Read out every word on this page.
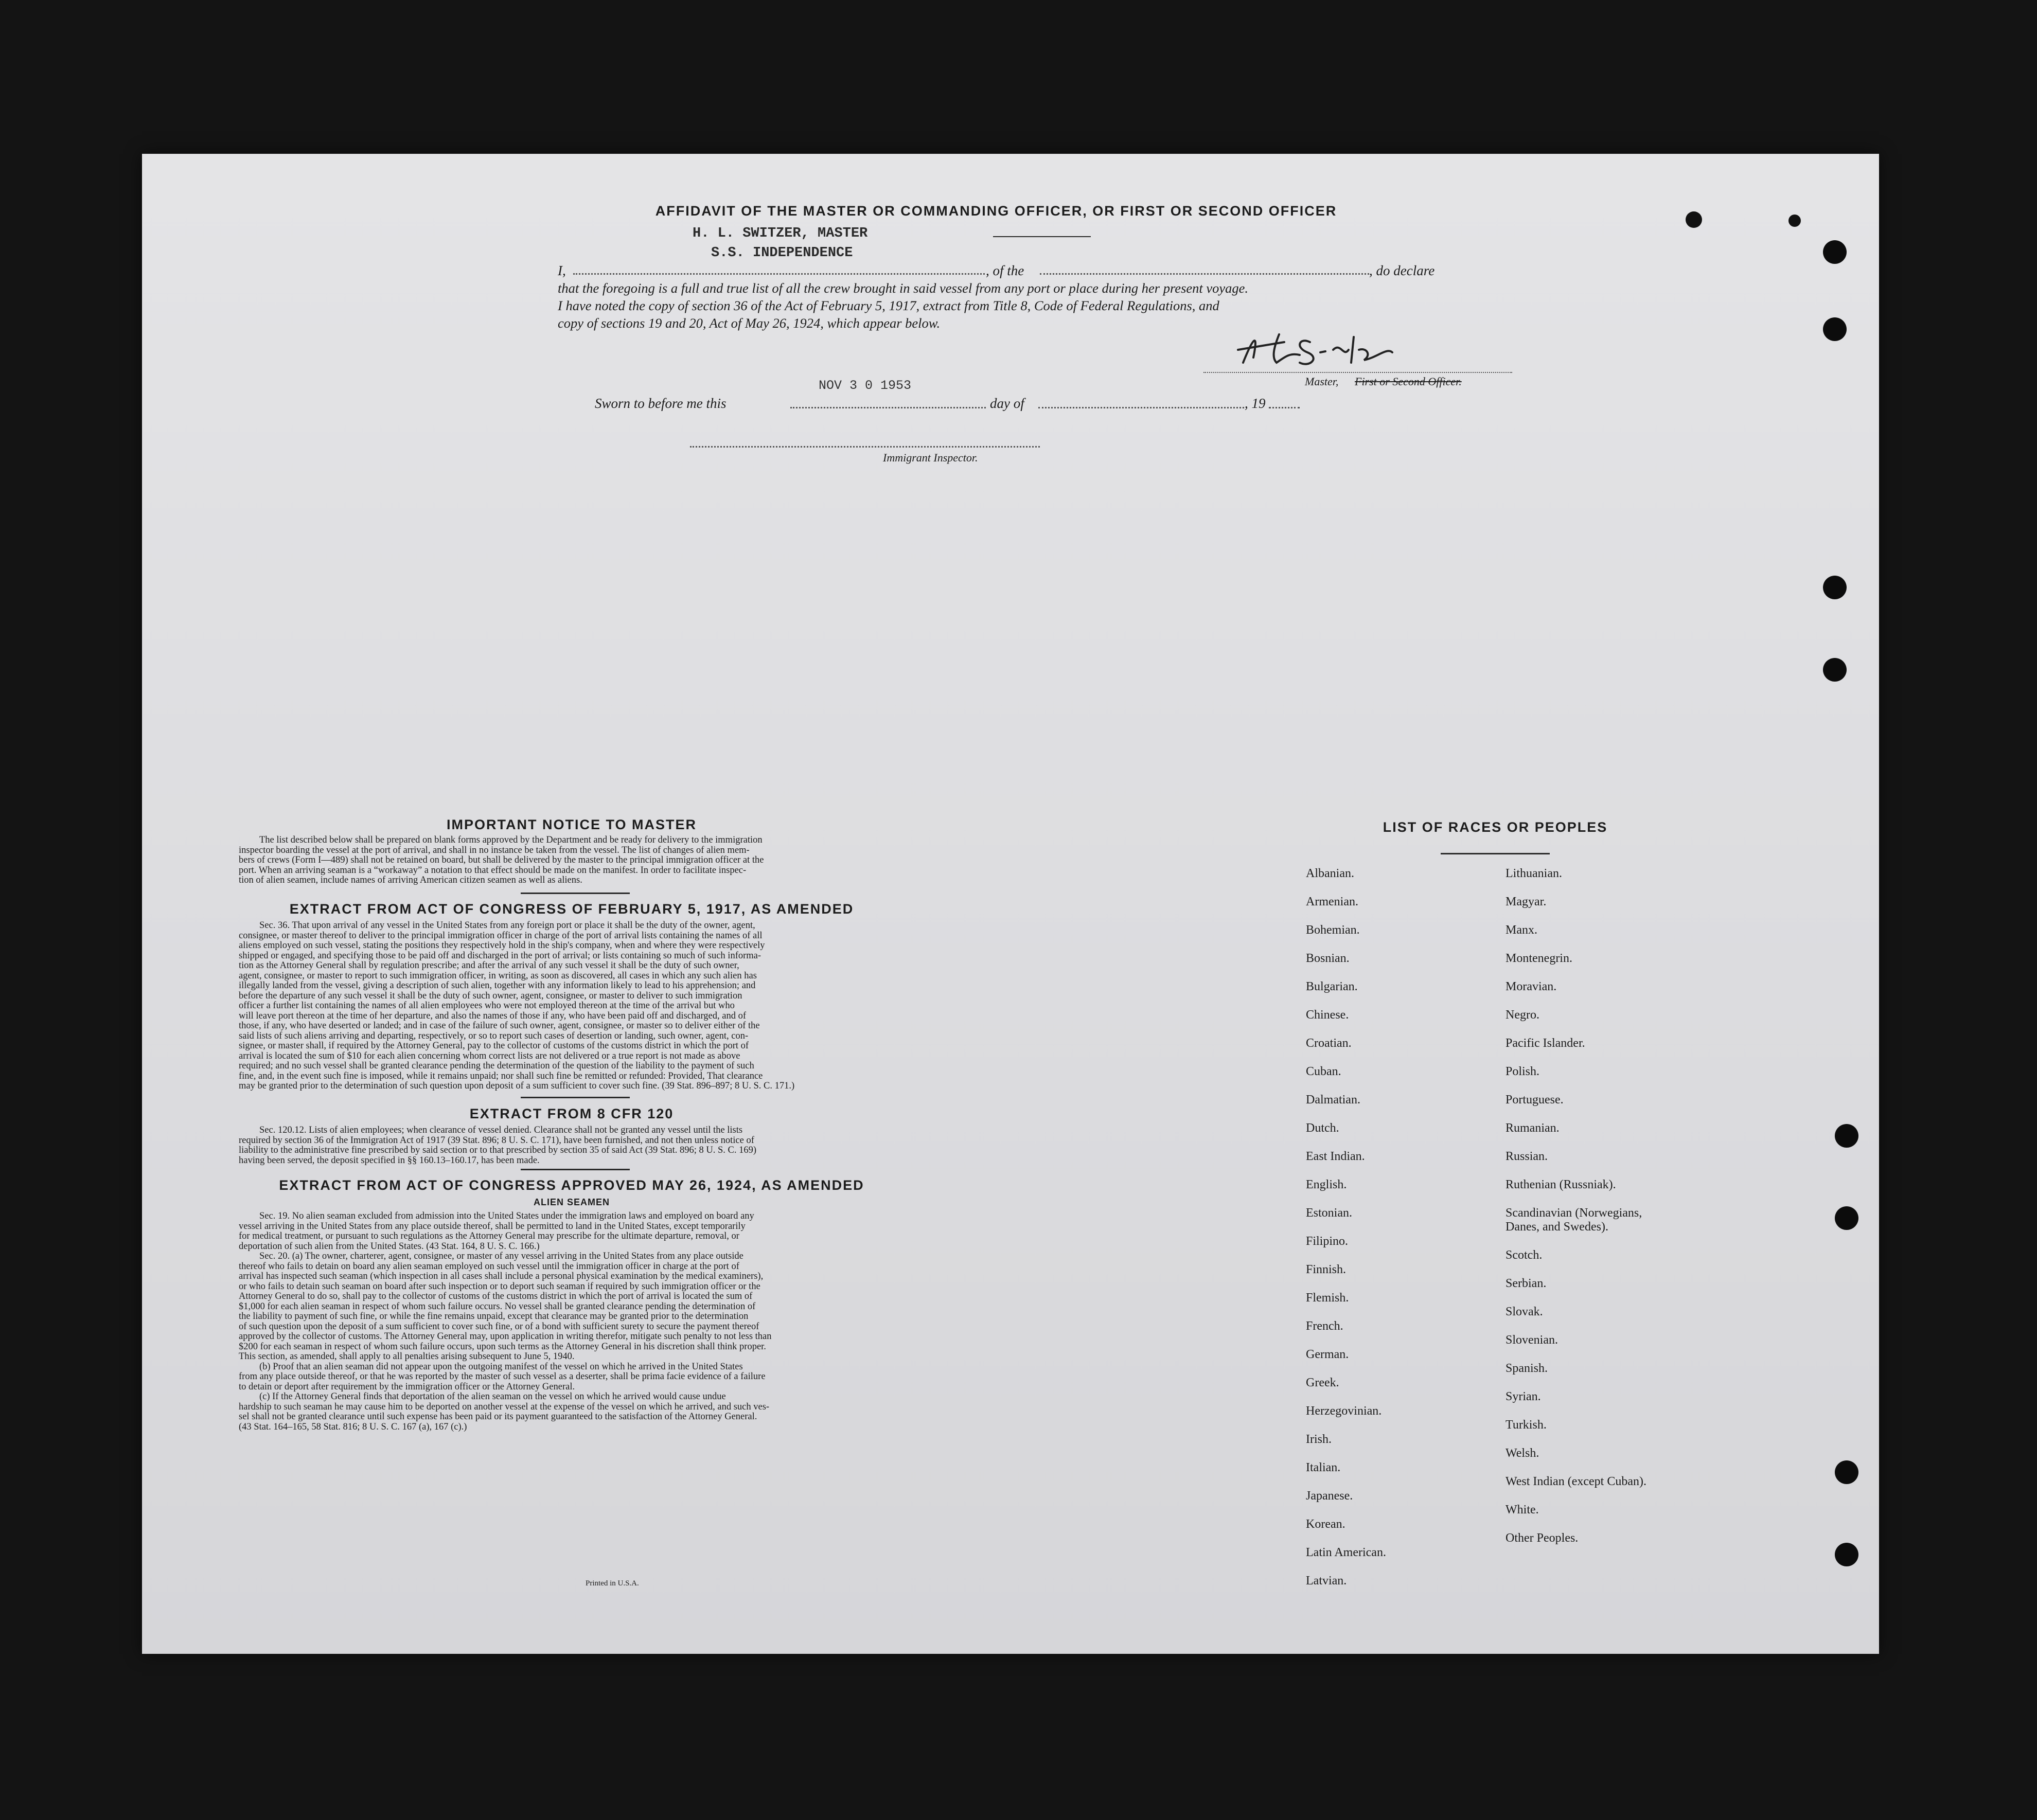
AFFIDAVIT OF THE MASTER OR COMMANDING OFFICER, OR FIRST OR SECOND OFFICER
H. L. SWITZER, MASTER
S.S. INDEPENDENCE
I,	, of the	, do declare
that the foregoing is a full and true list of all the crew brought in said vessel from any port or place during her present voyage.
I have noted the copy of section 36 of the Act of February 5, 1917, extract from Title 8, Code of Federal Regulations, and
copy of sections 19 and 20, Act of May 26, 1924, which appear below.
Master, First or Second Officer.
NOV 3 0 1953
Sworn to before me this	day of	, 19
Immigrant Inspector.
IMPORTANT NOTICE TO MASTER
The list described below shall be prepared on blank forms approved by the Department and be ready for delivery to the immigration
inspector boarding the vessel at the port of arrival, and shall in no instance be taken from the vessel. The list of changes of alien mem-
bers of crews (Form I—489) shall not be retained on board, but shall be delivered by the master to the principal immigration officer at the
port. When an arriving seaman is a “workaway” a notation to that effect should be made on the manifest. In order to facilitate inspec-
tion of alien seamen, include names of arriving American citizen seamen as well as aliens.
EXTRACT FROM ACT OF CONGRESS OF FEBRUARY 5, 1917, AS AMENDED
Sec. 36. That upon arrival of any vessel in the United States from any foreign port or place it shall be the duty of the owner, agent,
consignee, or master thereof to deliver to the principal immigration officer in charge of the port of arrival lists containing the names of all
aliens employed on such vessel, stating the positions they respectively hold in the ship's company, when and where they were respectively
shipped or engaged, and specifying those to be paid off and discharged in the port of arrival; or lists containing so much of such informa-
tion as the Attorney General shall by regulation prescribe; and after the arrival of any such vessel it shall be the duty of such owner,
agent, consignee, or master to report to such immigration officer, in writing, as soon as discovered, all cases in which any such alien has
illegally landed from the vessel, giving a description of such alien, together with any information likely to lead to his apprehension; and
before the departure of any such vessel it shall be the duty of such owner, agent, consignee, or master to deliver to such immigration
officer a further list containing the names of all alien employees who were not employed thereon at the time of the arrival but who
will leave port thereon at the time of her departure, and also the names of those if any, who have been paid off and discharged, and of
those, if any, who have deserted or landed; and in case of the failure of such owner, agent, consignee, or master so to deliver either of the
said lists of such aliens arriving and departing, respectively, or so to report such cases of desertion or landing, such owner, agent, con-
signee, or master shall, if required by the Attorney General, pay to the collector of customs of the customs district in which the port of
arrival is located the sum of $10 for each alien concerning whom correct lists are not delivered or a true report is not made as above
required; and no such vessel shall be granted clearance pending the determination of the question of the liability to the payment of such
fine, and, in the event such fine is imposed, while it remains unpaid; nor shall such fine be remitted or refunded: Provided, That clearance
may be granted prior to the determination of such question upon deposit of a sum sufficient to cover such fine. (39 Stat. 896–897; 8 U. S. C. 171.)
EXTRACT FROM 8 CFR 120
Sec. 120.12. Lists of alien employees; when clearance of vessel denied. Clearance shall not be granted any vessel until the lists
required by section 36 of the Immigration Act of 1917 (39 Stat. 896; 8 U. S. C. 171), have been furnished, and not then unless notice of
liability to the administrative fine prescribed by said section or to that prescribed by section 35 of said Act (39 Stat. 896; 8 U. S. C. 169)
having been served, the deposit specified in §§ 160.13–160.17, has been made.
EXTRACT FROM ACT OF CONGRESS APPROVED MAY 26, 1924, AS AMENDED
ALIEN SEAMEN
Sec. 19. No alien seaman excluded from admission into the United States under the immigration laws and employed on board any
vessel arriving in the United States from any place outside thereof, shall be permitted to land in the United States, except temporarily
for medical treatment, or pursuant to such regulations as the Attorney General may prescribe for the ultimate departure, removal, or
deportation of such alien from the United States. (43 Stat. 164, 8 U. S. C. 166.)
Sec. 20. (a) The owner, charterer, agent, consignee, or master of any vessel arriving in the United States from any place outside
thereof who fails to detain on board any alien seaman employed on such vessel until the immigration officer in charge at the port of
arrival has inspected such seaman (which inspection in all cases shall include a personal physical examination by the medical examiners),
or who fails to detain such seaman on board after such inspection or to deport such seaman if required by such immigration officer or the
Attorney General to do so, shall pay to the collector of customs of the customs district in which the port of arrival is located the sum of
$1,000 for each alien seaman in respect of whom such failure occurs. No vessel shall be granted clearance pending the determination of
the liability to payment of such fine, or while the fine remains unpaid, except that clearance may be granted prior to the determination
of such question upon the deposit of a sum sufficient to cover such fine, or of a bond with sufficient surety to secure the payment thereof
approved by the collector of customs. The Attorney General may, upon application in writing therefor, mitigate such penalty to not less than
$200 for each seaman in respect of whom such failure occurs, upon such terms as the Attorney General in his discretion shall think proper.
This section, as amended, shall apply to all penalties arising subsequent to June 5, 1940.
(b) Proof that an alien seaman did not appear upon the outgoing manifest of the vessel on which he arrived in the United States
from any place outside thereof, or that he was reported by the master of such vessel as a deserter, shall be prima facie evidence of a failure
to detain or deport after requirement by the immigration officer or the Attorney General.
(c) If the Attorney General finds that deportation of the alien seaman on the vessel on which he arrived would cause undue
hardship to such seaman he may cause him to be deported on another vessel at the expense of the vessel on which he arrived, and such ves-
sel shall not be granted clearance until such expense has been paid or its payment guaranteed to the satisfaction of the Attorney General.
(43 Stat. 164–165, 58 Stat. 816; 8 U. S. C. 167 (a), 167 (c).)
Printed in U.S.A.
LIST OF RACES OR PEOPLES
Albanian.
Armenian.
Bohemian.
Bosnian.
Bulgarian.
Chinese.
Croatian.
Cuban.
Dalmatian.
Dutch.
East Indian.
English.
Estonian.
Filipino.
Finnish.
Flemish.
French.
German.
Greek.
Herzegovinian.
Irish.
Italian.
Japanese.
Korean.
Latin American.
Latvian.
Lithuanian.
Magyar.
Manx.
Montenegrin.
Moravian.
Negro.
Pacific Islander.
Polish.
Portuguese.
Rumanian.
Russian.
Ruthenian (Russniak).
Scandinavian (Norwegians,
Danes, and Swedes).
Scotch.
Serbian.
Slovak.
Slovenian.
Spanish.
Syrian.
Turkish.
Welsh.
West Indian (except Cuban).
White.
Other Peoples.
